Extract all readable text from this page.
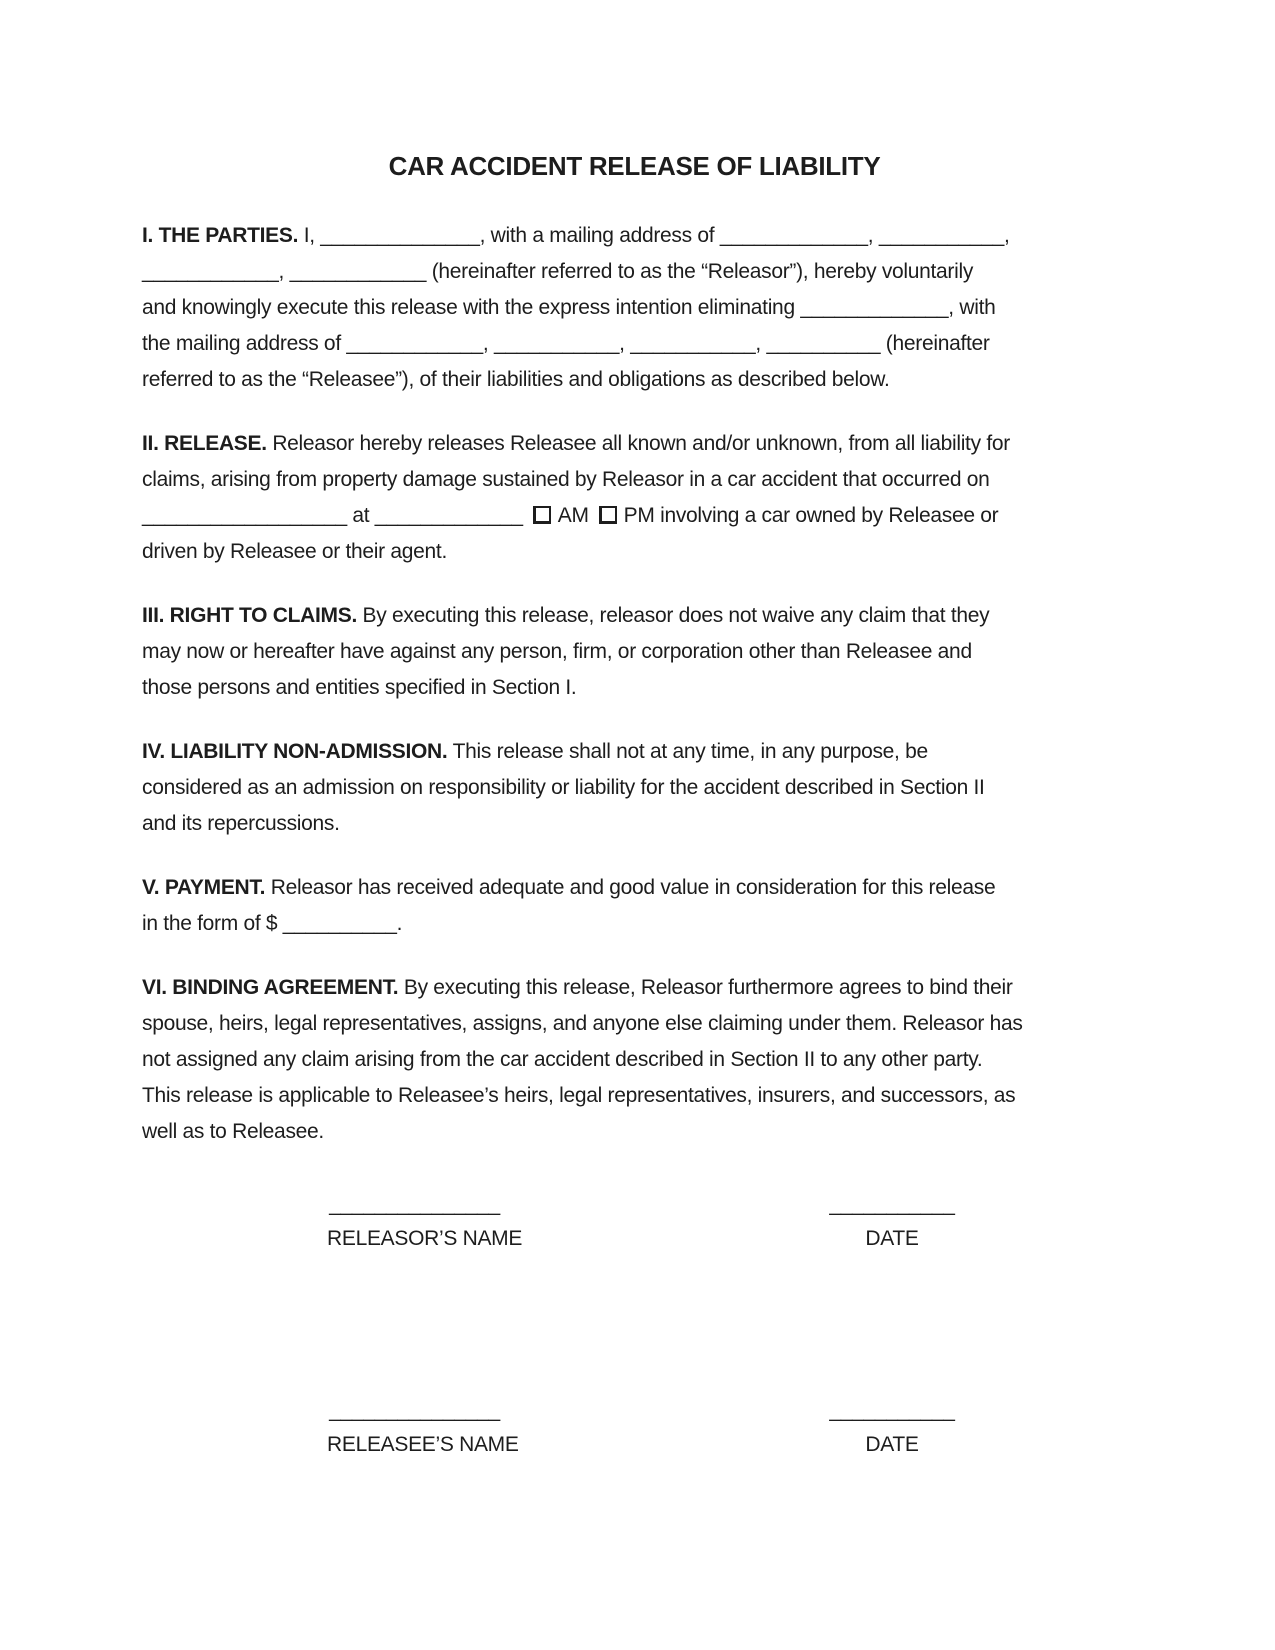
CAR ACCIDENT RELEASE OF LIABILITY
I. THE PARTIES. I, ______________, with a mailing address of _____________, ___________,
____________, ____________ (hereinafter referred to as the “Releasor”), hereby voluntarily
and knowingly execute this release with the express intention eliminating _____________, with
the mailing address of ____________, ___________, ___________, __________ (hereinafter
referred to as the “Releasee”), of their liabilities and obligations as described below.
II. RELEASE. Releasor hereby releases Releasee all known and/or unknown, from all liability for
claims, arising from property damage sustained by Releasor in a car accident that occurred on
__________________ at _____________ AM PM involving a car owned by Releasee or
driven by Releasee or their agent.
III. RIGHT TO CLAIMS. By executing this release, releasor does not waive any claim that they
may now or hereafter have against any person, firm, or corporation other than Releasee and
those persons and entities specified in Section I.
IV. LIABILITY NON-ADMISSION. This release shall not at any time, in any purpose, be
considered as an admission on responsibility or liability for the accident described in Section II
and its repercussions.
V. PAYMENT. Releasor has received adequate and good value in consideration for this release
in the form of $ __________.
VI. BINDING AGREEMENT. By executing this release, Releasor furthermore agrees to bind their
spouse, heirs, legal representatives, assigns, and anyone else claiming under them. Releasor has
not assigned any claim arising from the car accident described in Section II to any other party.
This release is applicable to Releasee’s heirs, legal representatives, insurers, and successors, as
well as to Releasee.
_______________
RELEASOR’S NAME
___________
DATE
_______________
RELEASEE’S NAME
___________
DATE
